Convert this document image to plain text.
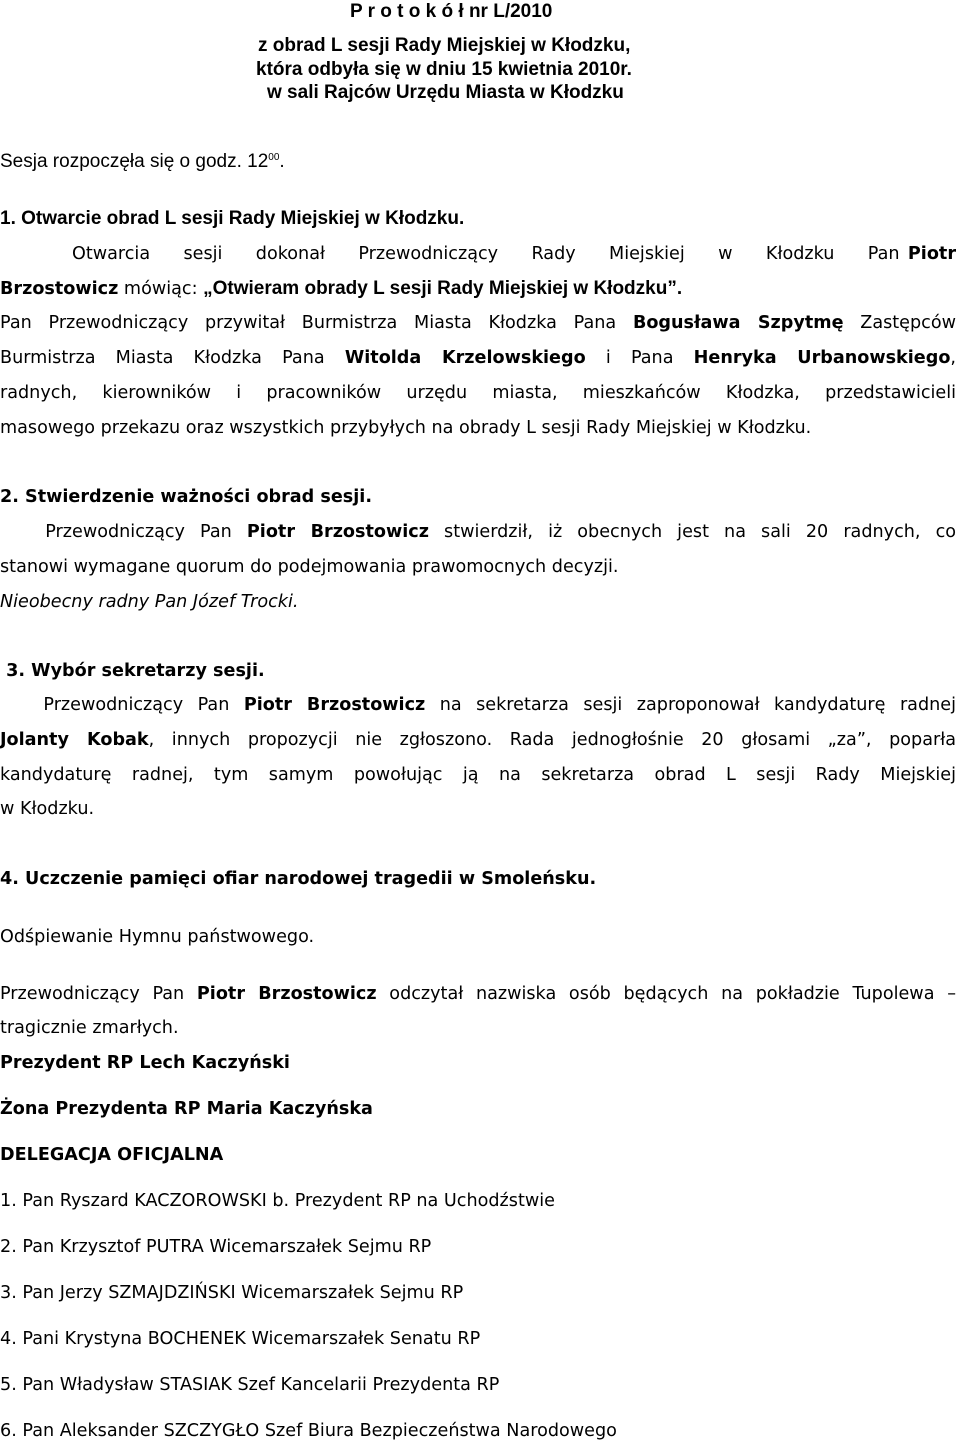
P r o t o k ó ł nr L/2010
z obrad L sesji Rady Miejskiej w Kłodzku,
która odbyła się w dniu 15 kwietnia 2010r.
w sali Rajców Urzędu Miasta w Kłodzku
Sesja rozpoczęła się o godz. $12^{00}$.
1. Otwarcie obrad L sesji Rady Miejskiej w Kłodzku.
Otwarcia    sesji    dokonał    Przewodniczący    Rady    Miejskiej    w    Kłodzku    Pan Piotr
Brzostowicz mówiąc: „Otwieram obrady L sesji Rady Miejskiej w Kłodzku”.
Pan Przewodniczący przywitał Burmistrza Miasta Kłodzka Pana Bogusława Szpytmę Zastępców
Burmistrza Miasta Kłodzka Pana Witolda Krzelowskiego i Pana Henryka Urbanowskiego,
radnych, kierowników i pracowników urzędu miasta, mieszkańców Kłodzka, przedstawicieli
masowego przekazu oraz wszystkich przybyłych na obrady L sesji Rady Miejskiej w Kłodzku.
2. Stwierdzenie ważności obrad sesji.
Przewodniczący Pan Piotr Brzostowicz stwierdził, iż obecnych jest na sali 20 radnych, co
stanowi wymagane quorum do podejmowania prawomocnych decyzji.
Nieobecny radny Pan Józef Trocki.
3. Wybór sekretarzy sesji.
Przewodniczący Pan Piotr Brzostowicz na sekretarza sesji zaproponował kandydaturę radnej
Jolanty Kobak, innych propozycji nie zgłoszono. Rada jednogłośnie 20 głosami „za”, poparła
kandydaturę radnej, tym samym powołując ją na sekretarza obrad L sesji Rady Miejskiej
w Kłodzku.
4. Uczczenie pamięci ofiar narodowej tragedii w Smoleńsku.
Odśpiewanie Hymnu państwowego.
Przewodniczący Pan Piotr Brzostowicz odczytał nazwiska osób będących na pokładzie Tupolewa –
tragicznie zmarłych.
Prezydent RP Lech Kaczyński
Żona Prezydenta RP Maria Kaczyńska
DELEGACJA OFICJALNA
1. Pan Ryszard KACZOROWSKI b. Prezydent RP na Uchodźstwie
2. Pan Krzysztof PUTRA Wicemarszałek Sejmu RP
3. Pan Jerzy SZMAJDZIŃSKI Wicemarszałek Sejmu RP
4. Pani Krystyna BOCHENEK Wicemarszałek Senatu RP
5. Pan Władysław STASIAK Szef Kancelarii Prezydenta RP
6. Pan Aleksander SZCZYGŁO Szef Biura Bezpieczeństwa Narodowego
